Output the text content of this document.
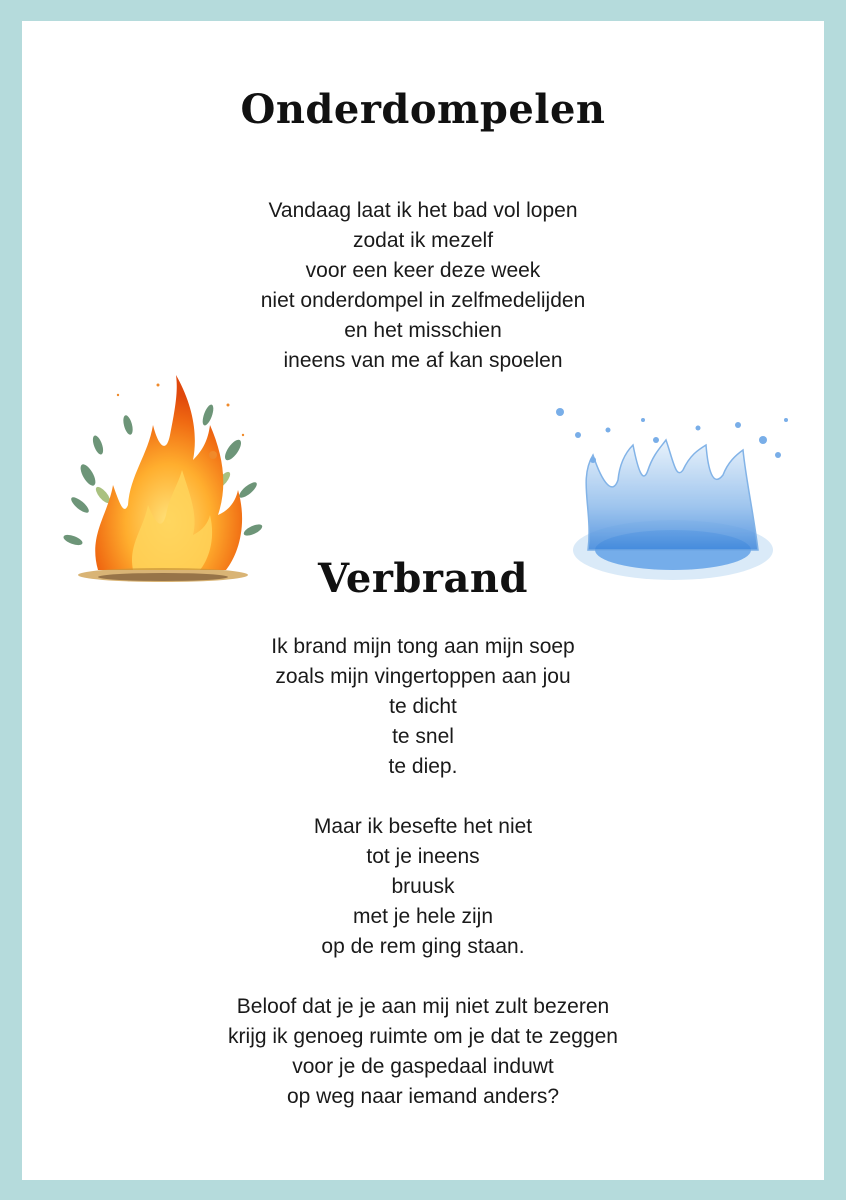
Onderdompelen
Vandaag laat ik het bad vol lopen
zodat ik mezelf
voor een keer deze week
niet onderdompel in zelfmedelijden
en het misschien
ineens van me af kan spoelen
Verbrand
Ik brand mijn tong aan mijn soep
zoals mijn vingertoppen aan jou
te dicht
te snel
te diep.
Maar ik besefte het niet
tot je ineens
bruusk
met je hele zijn
op de rem ging staan.
Beloof dat je je aan mij niet zult bezeren
krijg ik genoeg ruimte om je dat te zeggen
voor je de gaspedaal induwt
op weg naar iemand anders?
